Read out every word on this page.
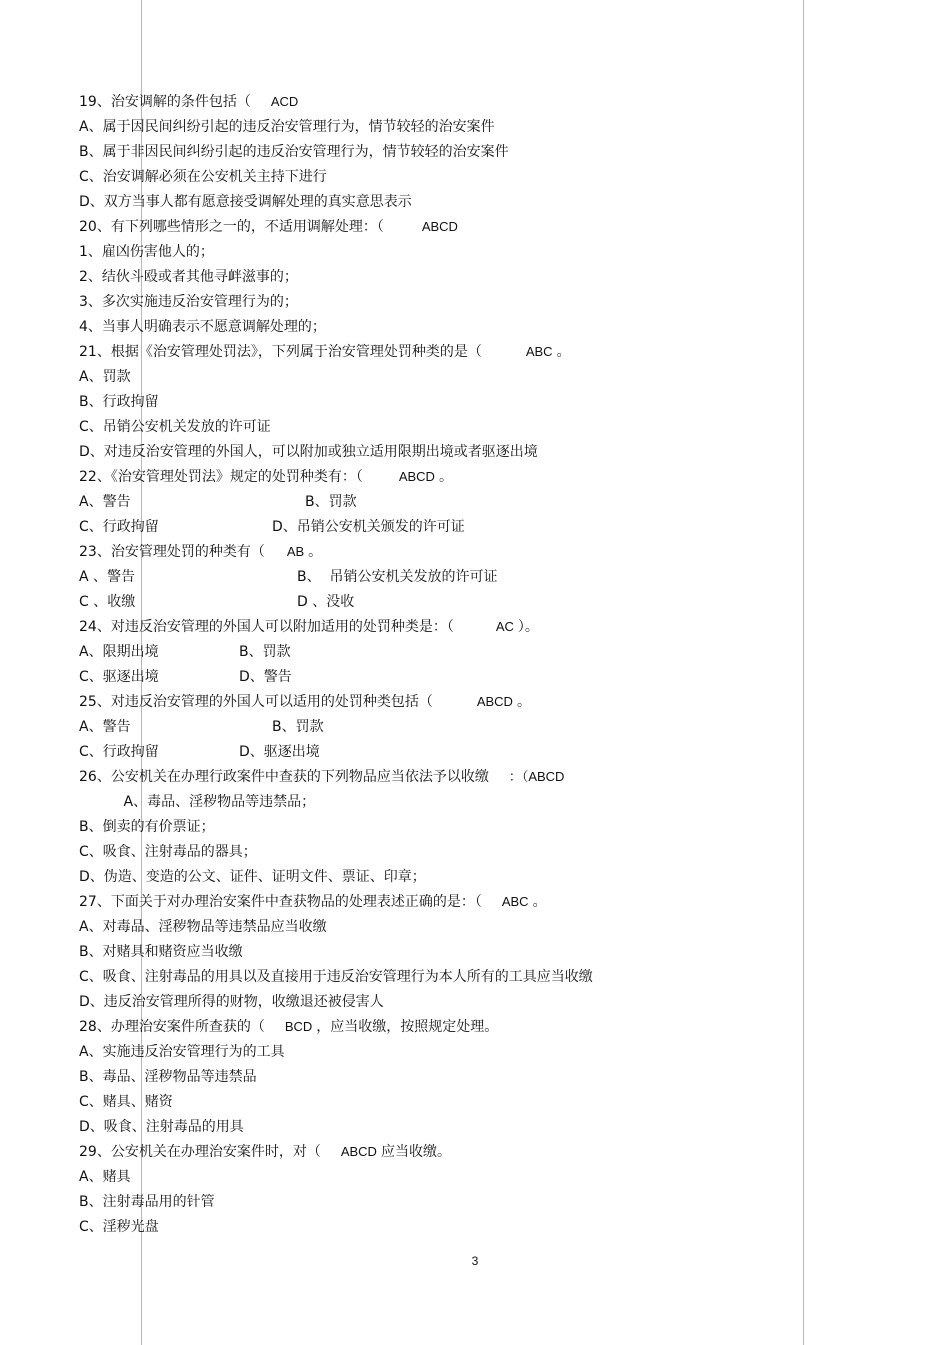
19、治安调解的条件包括（ ACD
A、属于因民间纠纷引起的违反治安管理行为，情节较轻的治安案件
B、属于非因民间纠纷引起的违反治安管理行为，情节较轻的治安案件
C、治安调解必须在公安机关主持下进行
D、双方当事人都有愿意接受调解处理的真实意思表示
20、有下列哪些情形之一的，不适用调解处理：（	ABCD
1、雇凶伤害他人的；
2、结伙斗殴或者其他寻衅滋事的；
3、多次实施违反治安管理行为的；
4、当事人明确表示不愿意调解处理的；
21、根据《治安管理处罚法》，下列属于治安管理处罚种类的是（	ABC 。
A、罚款
B、行政拘留
C、吊销公安机关发放的许可证
D、对违反治安管理的外国人，可以附加或独立适用限期出境或者驱逐出境
22、《治安管理处罚法》规定的处罚种类有：（	ABCD 。
A、警告	B、罚款
C、行政拘留	D、吊销公安机关颁发的许可证
23、治安管理处罚的种类有（ AB 。
A 、警告	B、  吊销公安机关发放的许可证
C 、收缴	D 、没收
24、对违反治安管理的外国人可以附加适用的处罚种类是：（	AC ）。
A、限期出境	B、罚款
C、驱逐出境	D、警告
25、对违反治安管理的外国人可以适用的处罚种类包括（	ABCD 。
A、警告	B、罚款
C、行政拘留	D、驱逐出境
26、公安机关在办理行政案件中查获的下列物品应当依法予以收缴 ：（ABCD
A、毒品、淫秽物品等违禁品；
B、倒卖的有价票证；
C、吸食、注射毒品的器具；
D、伪造、变造的公文、证件、证明文件、票证、印章；
27、下面关于对办理治安案件中查获物品的处理表述正确的是：（ ABC 。
A、对毒品、淫秽物品等违禁品应当收缴
B、对赌具和赌资应当收缴
C、吸食、注射毒品的用具以及直接用于违反治安管理行为本人所有的工具应当收缴
D、违反治安管理所得的财物，收缴退还被侵害人
28、办理治安案件所查获的（ BCD ，应当收缴，按照规定处理。
A、实施违反治安管理行为的工具
B、毒品、淫秽物品等违禁品
C、赌具、赌资
D、吸食、注射毒品的用具
29、公安机关在办理治安案件时，对（ ABCD 应当收缴。
A、赌具
B、注射毒品用的针管
C、淫秽光盘
3
